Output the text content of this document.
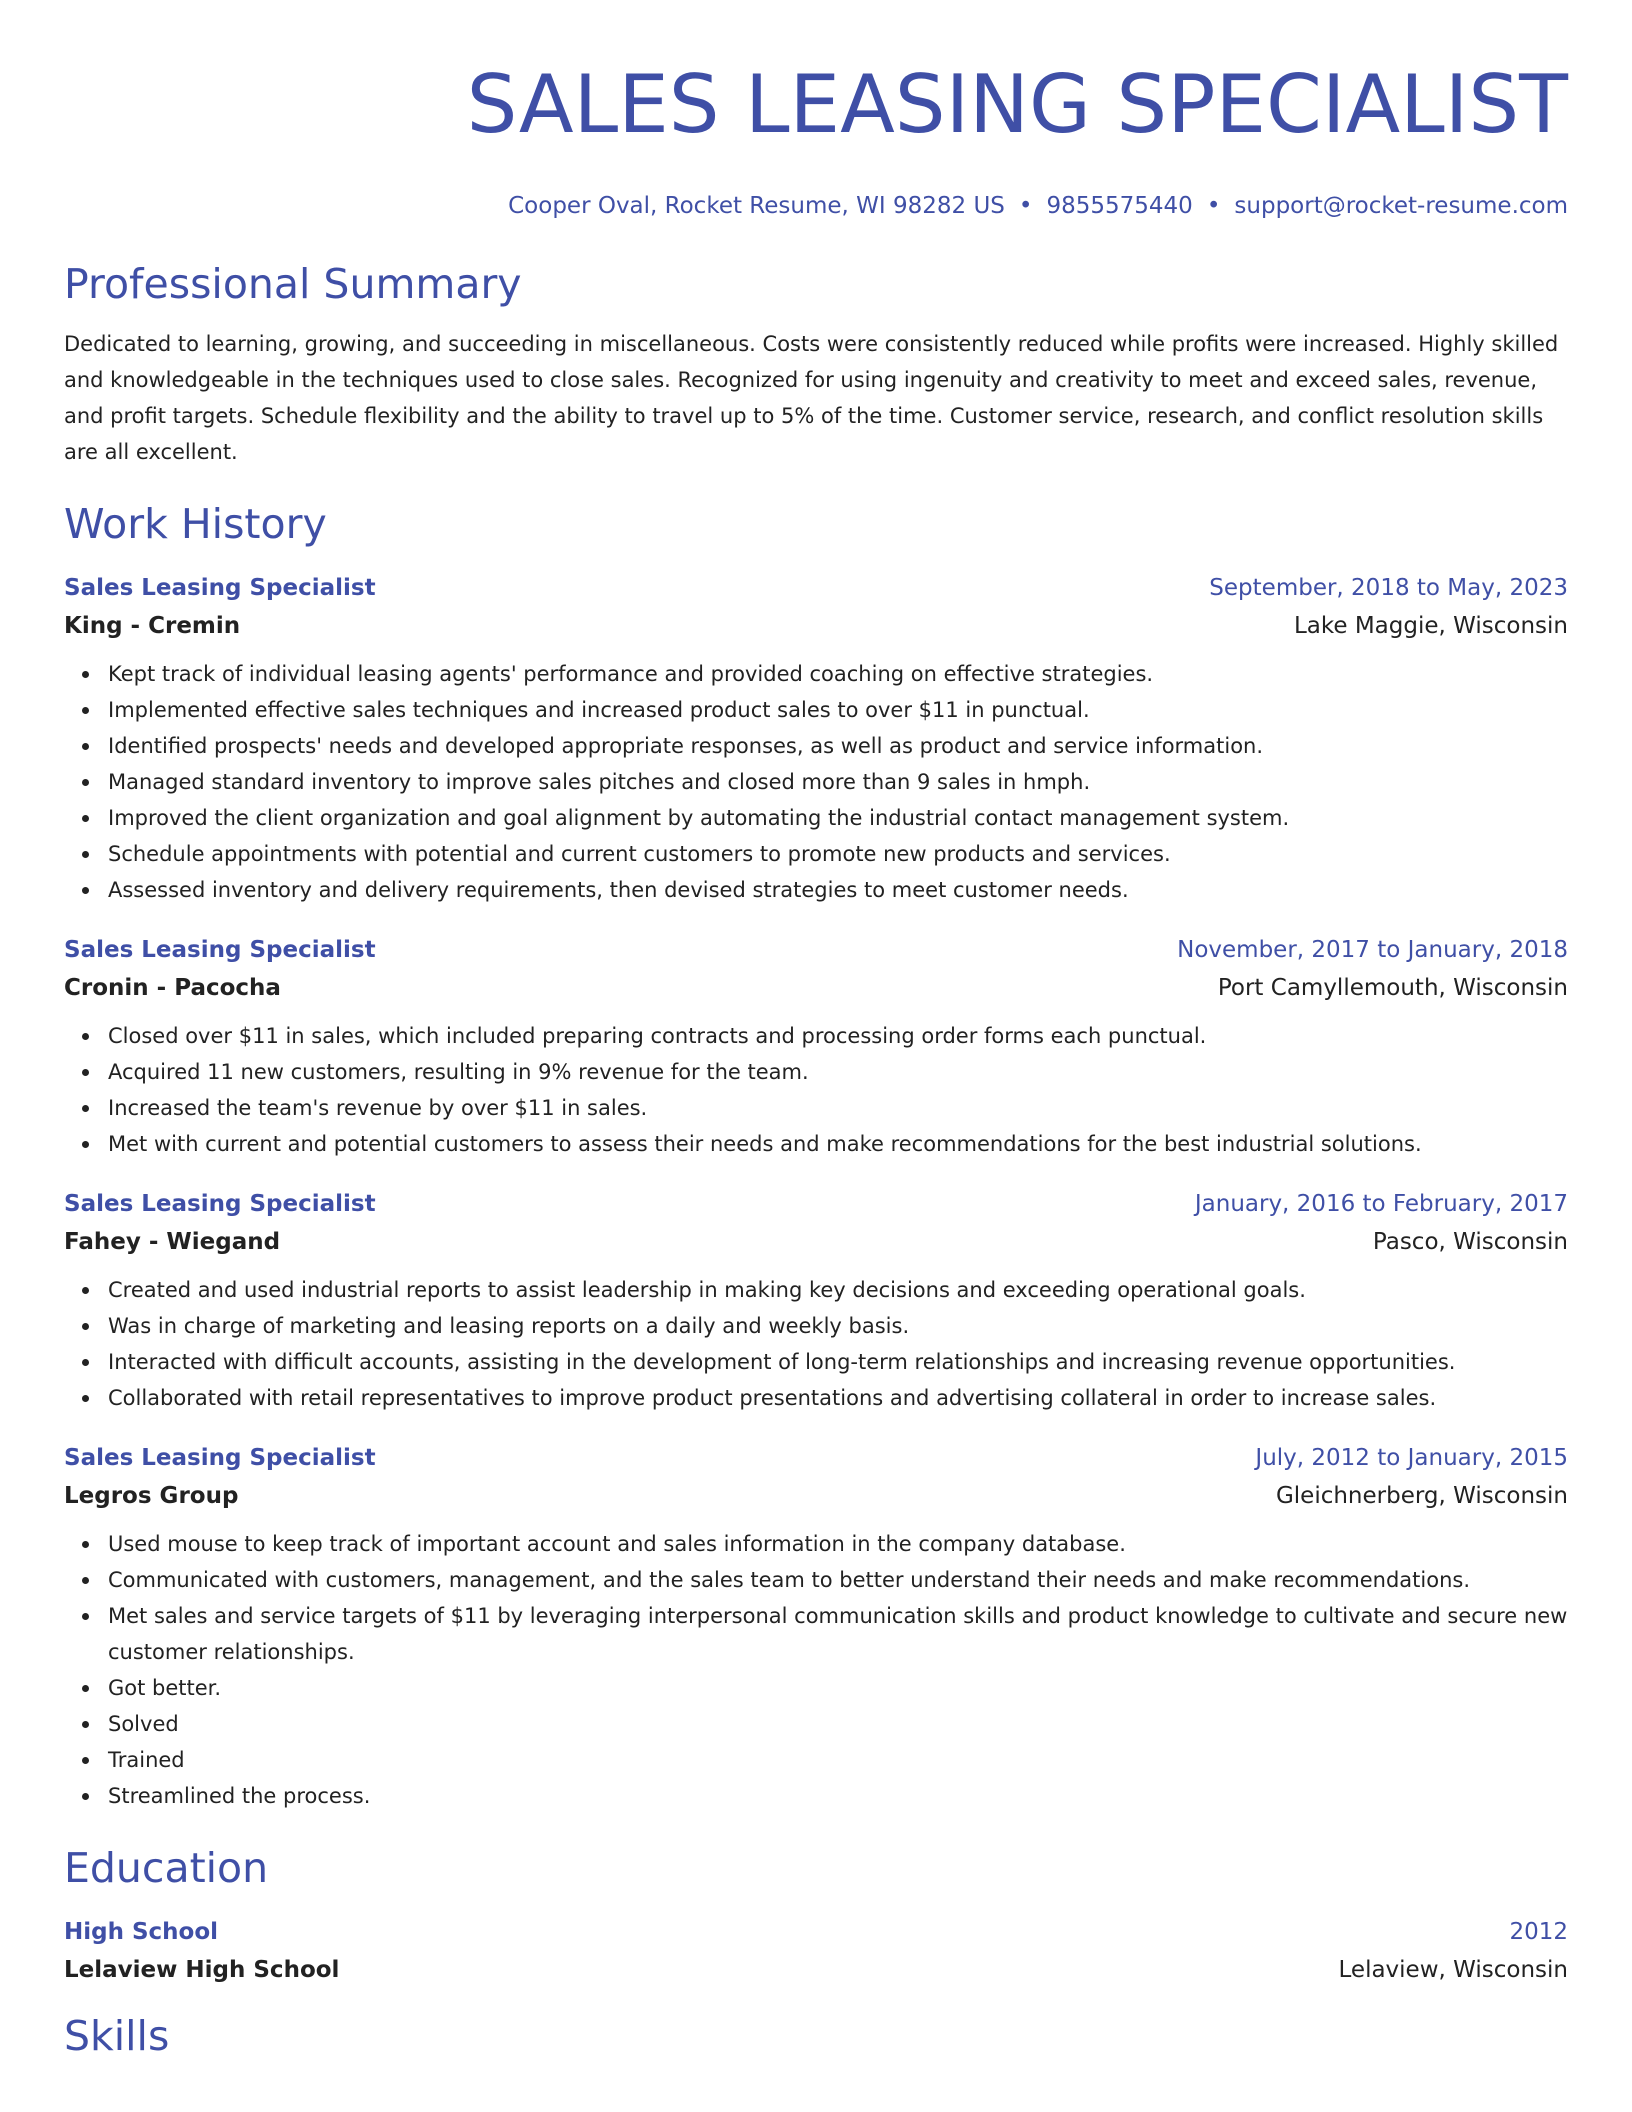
SALES LEASING SPECIALIST
Cooper Oval, Rocket Resume, WI 98282 US • 9855575440 • support@rocket-resume.com
Professional Summary

Dedicated to learning, growing, and succeeding in miscellaneous. Costs were consistently reduced while profits were increased. Highly skilled and knowledgeable in the techniques used to close sales. Recognized for using ingenuity and creativity to meet and exceed sales, revenue, and profit targets. Schedule flexibility and the ability to travel up to 5% of the time. Customer service, research, and conflict resolution skills are all excellent.

Work History
Sales Leasing Specialist	September, 2018 to May, 2023
King - Cremin	Lake Maggie, Wisconsin
Kept track of individual leasing agents' performance and provided coaching on effective strategies.
Implemented effective sales techniques and increased product sales to over $11 in punctual.
Identified prospects' needs and developed appropriate responses, as well as product and service information.
Managed standard inventory to improve sales pitches and closed more than 9 sales in hmph.
Improved the client organization and goal alignment by automating the industrial contact management system.
Schedule appointments with potential and current customers to promote new products and services.
Assessed inventory and delivery requirements, then devised strategies to meet customer needs.
Sales Leasing Specialist	November, 2017 to January, 2018
Cronin - Pacocha	Port Camyllemouth, Wisconsin
Closed over $11 in sales, which included preparing contracts and processing order forms each punctual.
Acquired 11 new customers, resulting in 9% revenue for the team.
Increased the team's revenue by over $11 in sales.
Met with current and potential customers to assess their needs and make recommendations for the best industrial solutions.
Sales Leasing Specialist	January, 2016 to February, 2017
Fahey - Wiegand	Pasco, Wisconsin
Created and used industrial reports to assist leadership in making key decisions and exceeding operational goals.
Was in charge of marketing and leasing reports on a daily and weekly basis.
Interacted with difficult accounts, assisting in the development of long-term relationships and increasing revenue opportunities.
Collaborated with retail representatives to improve product presentations and advertising collateral in order to increase sales.
Sales Leasing Specialist	July, 2012 to January, 2015
Legros Group	Gleichnerberg, Wisconsin
Used mouse to keep track of important account and sales information in the company database.
Communicated with customers, management, and the sales team to better understand their needs and make recommendations.
Met sales and service targets of $11 by leveraging interpersonal communication skills and product knowledge to cultivate and secure new customer relationships.
Got better.
Solved
Trained
Streamlined the process.
Education
High School	2012
Lelaview High School	Lelaview, Wisconsin
Skills
